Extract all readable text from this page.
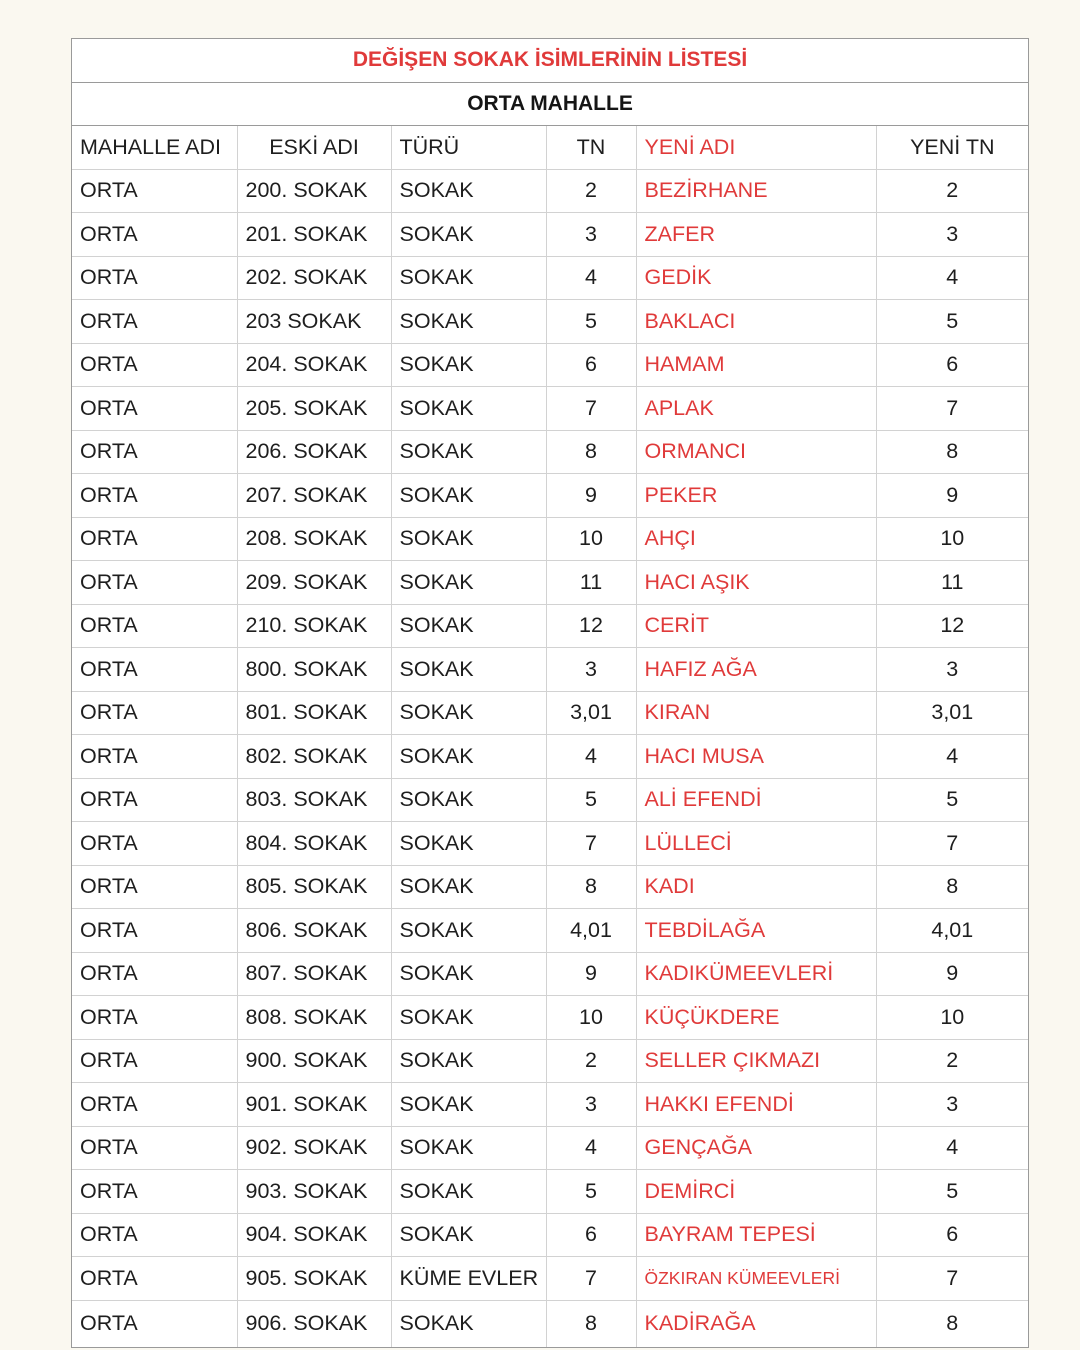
DEĞİŞEN SOKAK İSİMLERİNİN LİSTESİ					
ORTA MAHALLE					
MAHALLE ADI	ESKİ ADI	TÜRÜ	TN	YENİ ADI	YENİ TN
ORTA	200. SOKAK	SOKAK	2	BEZİRHANE	2
ORTA	201. SOKAK	SOKAK	3	ZAFER	3
ORTA	202. SOKAK	SOKAK	4	GEDİK	4
ORTA	203 SOKAK	SOKAK	5	BAKLACI	5
ORTA	204. SOKAK	SOKAK	6	HAMAM	6
ORTA	205. SOKAK	SOKAK	7	APLAK	7
ORTA	206. SOKAK	SOKAK	8	ORMANCI	8
ORTA	207. SOKAK	SOKAK	9	PEKER	9
ORTA	208. SOKAK	SOKAK	10	AHÇI	10
ORTA	209. SOKAK	SOKAK	11	HACI AŞIK	11
ORTA	210. SOKAK	SOKAK	12	CERİT	12
ORTA	800. SOKAK	SOKAK	3	HAFIZ AĞA	3
ORTA	801. SOKAK	SOKAK	3,01	KIRAN	3,01
ORTA	802. SOKAK	SOKAK	4	HACI MUSA	4
ORTA	803. SOKAK	SOKAK	5	ALİ EFENDİ	5
ORTA	804. SOKAK	SOKAK	7	LÜLLECİ	7
ORTA	805. SOKAK	SOKAK	8	KADI	8
ORTA	806. SOKAK	SOKAK	4,01	TEBDİLAĞA	4,01
ORTA	807. SOKAK	SOKAK	9	KADIKÜMEEVLERİ	9
ORTA	808. SOKAK	SOKAK	10	KÜÇÜKDERE	10
ORTA	900. SOKAK	SOKAK	2	SELLER ÇIKMAZI	2
ORTA	901. SOKAK	SOKAK	3	HAKKI EFENDİ	3
ORTA	902. SOKAK	SOKAK	4	GENÇAĞA	4
ORTA	903. SOKAK	SOKAK	5	DEMİRCİ	5
ORTA	904. SOKAK	SOKAK	6	BAYRAM TEPESİ	6
ORTA	905. SOKAK	KÜME EVLER	7	ÖZKIRAN KÜMEEVLERİ	7
ORTA	906. SOKAK	SOKAK	8	KADİRAĞA	8
